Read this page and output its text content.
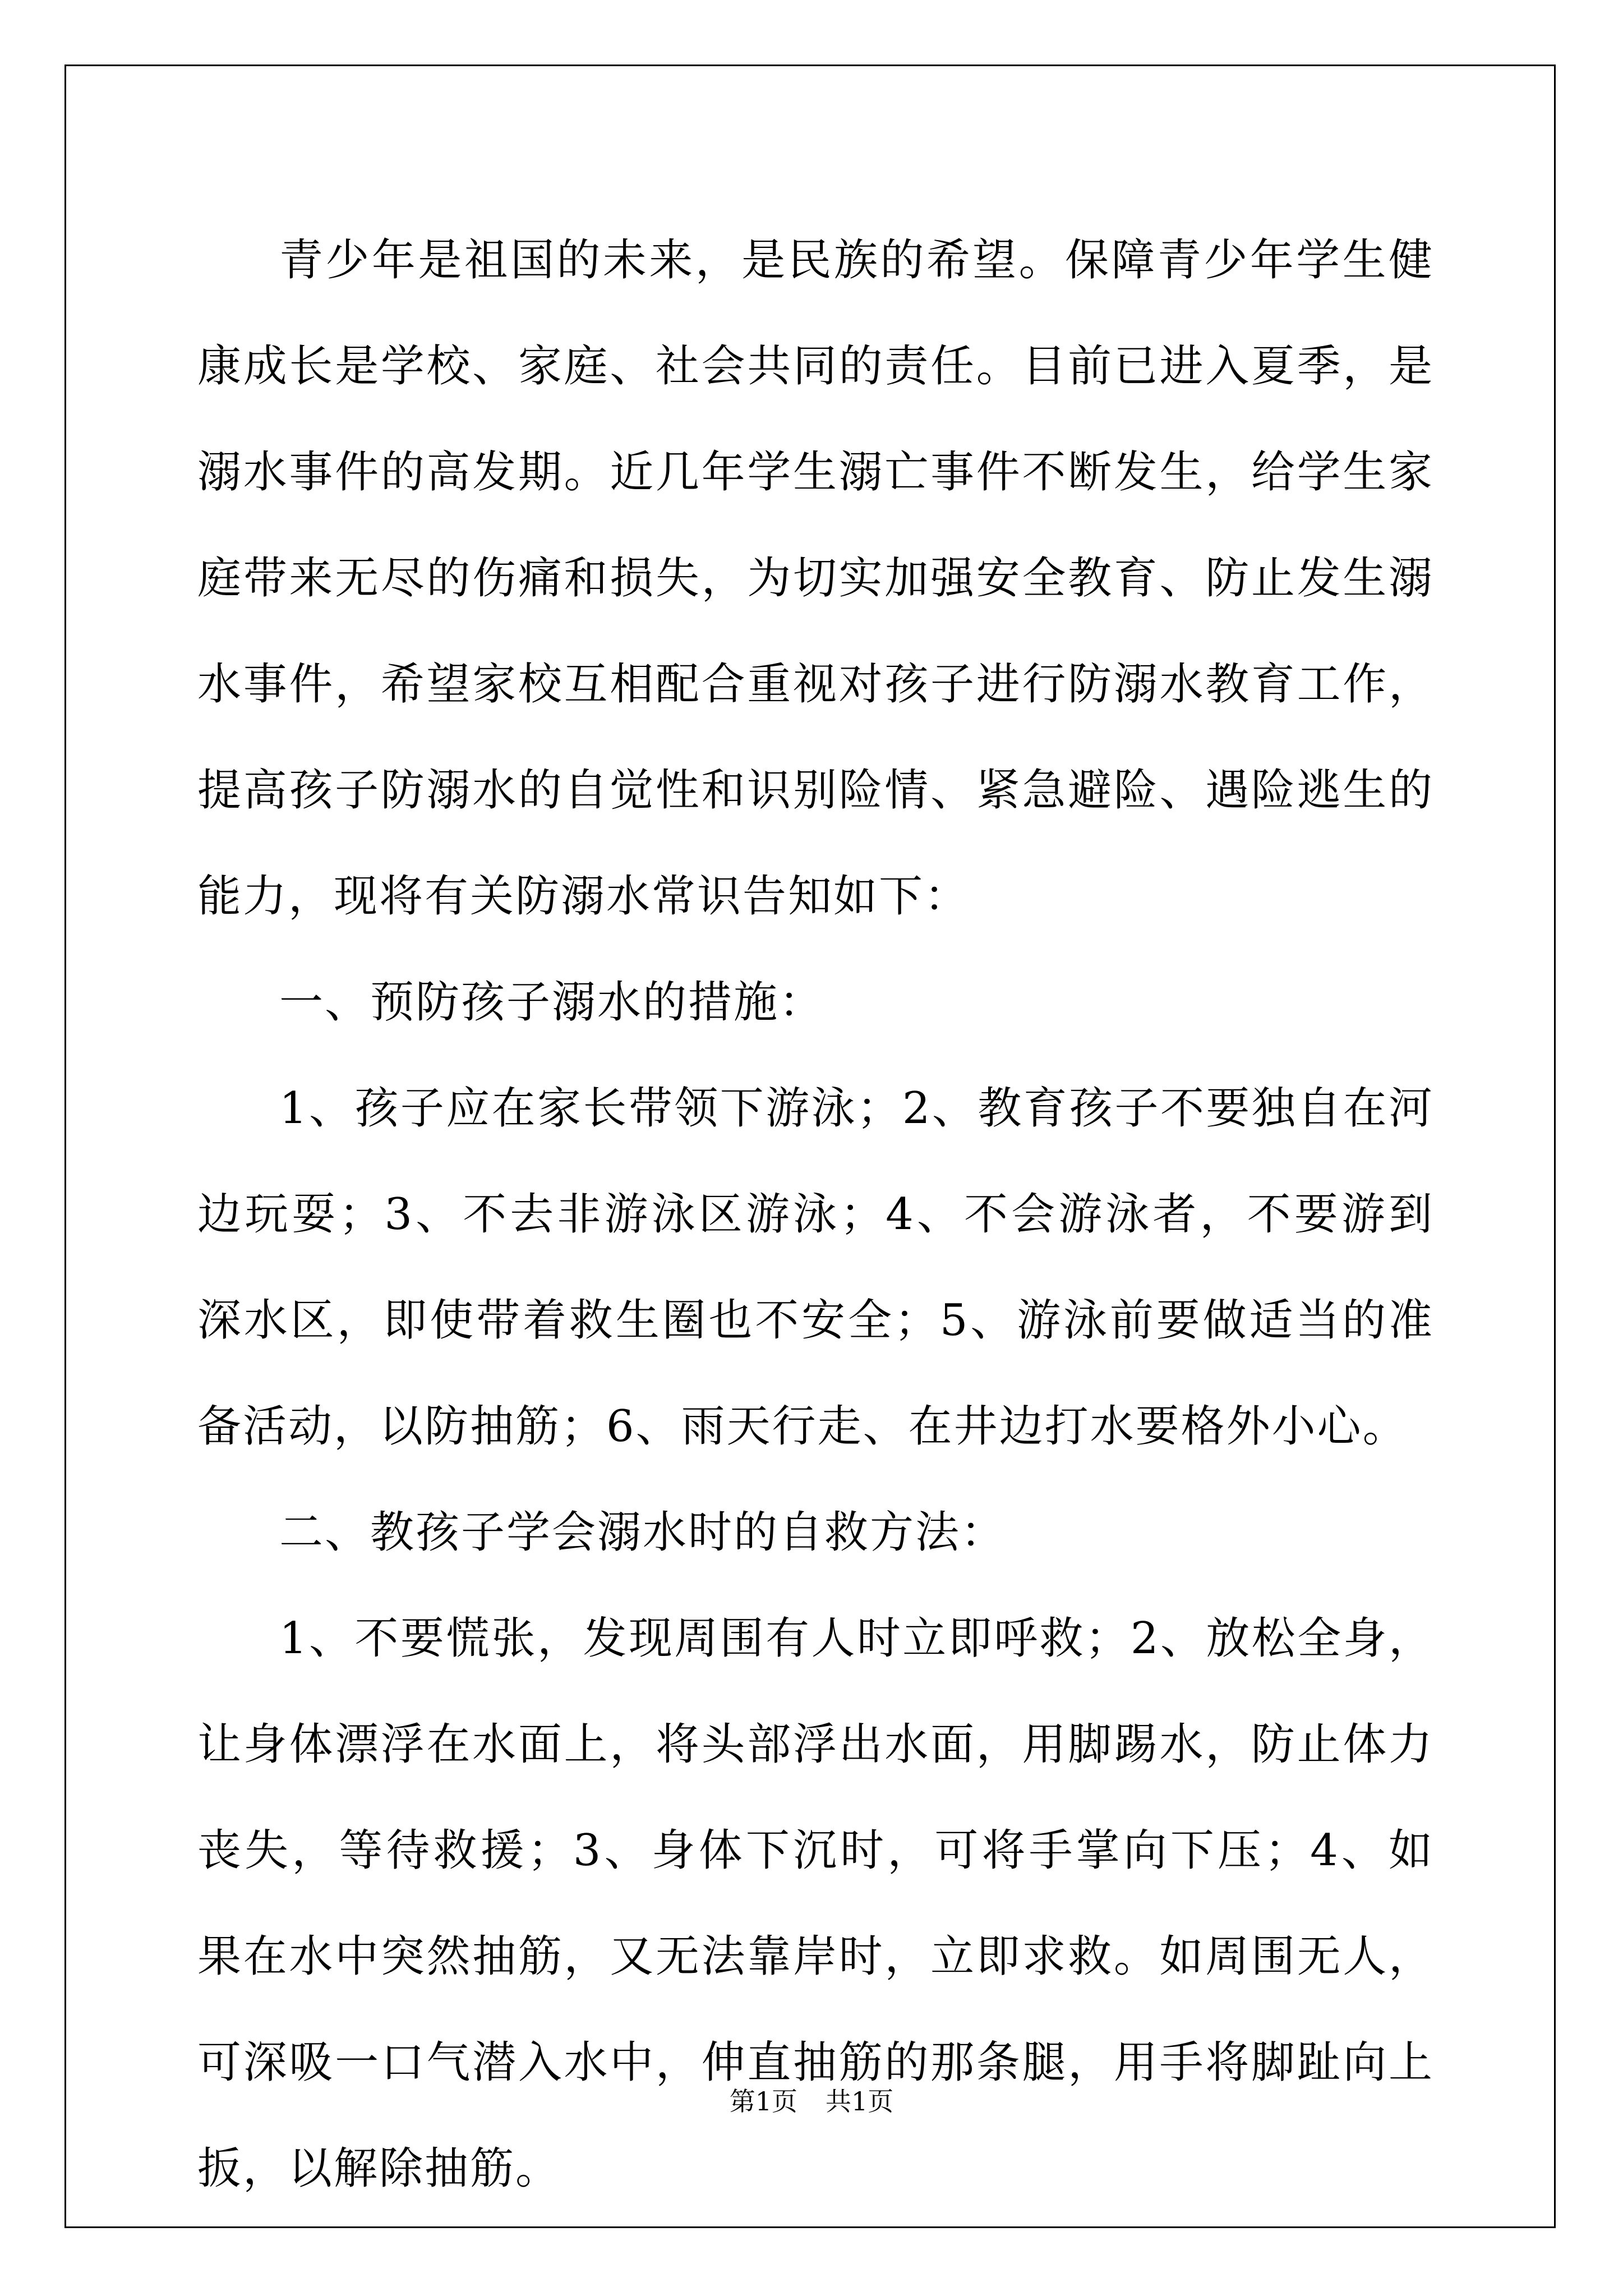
青少年是祖国的未来，是民族的希望。保障青少年学生健康成长是学校、家庭、社会共同的责任。目前已进入夏季，是溺水事件的高发期。近几年学生溺亡事件不断发生，给学生家庭带来无尽的伤痛和损失，为切实加强安全教育、防止发生溺水事件，希望家校互相配合重视对孩子进行防溺水教育工作，提高孩子防溺水的自觉性和识别险情、紧急避险、遇险逃生的能力，现将有关防溺水常识告知如下：

一、预防孩子溺水的措施：

1、孩子应在家长带领下游泳；2、教育孩子不要独自在河边玩耍；3、不去非游泳区游泳；4、不会游泳者，不要游到深水区，即使带着救生圈也不安全；5、游泳前要做适当的准备活动，以防抽筋；6、雨天行走、在井边打水要格外小心。

二、教孩子学会溺水时的自救方法：

1、不要慌张，发现周围有人时立即呼救；2、放松全身，让身体漂浮在水面上，将头部浮出水面，用脚踢水，防止体力丧失，等待救援；3、身体下沉时，可将手掌向下压；4、如果在水中突然抽筋，又无法靠岸时，立即求救。如周围无人，可深吸一口气潜入水中，伸直抽筋的那条腿，用手将脚趾向上扳，以解除抽筋。

第1页 共1页
